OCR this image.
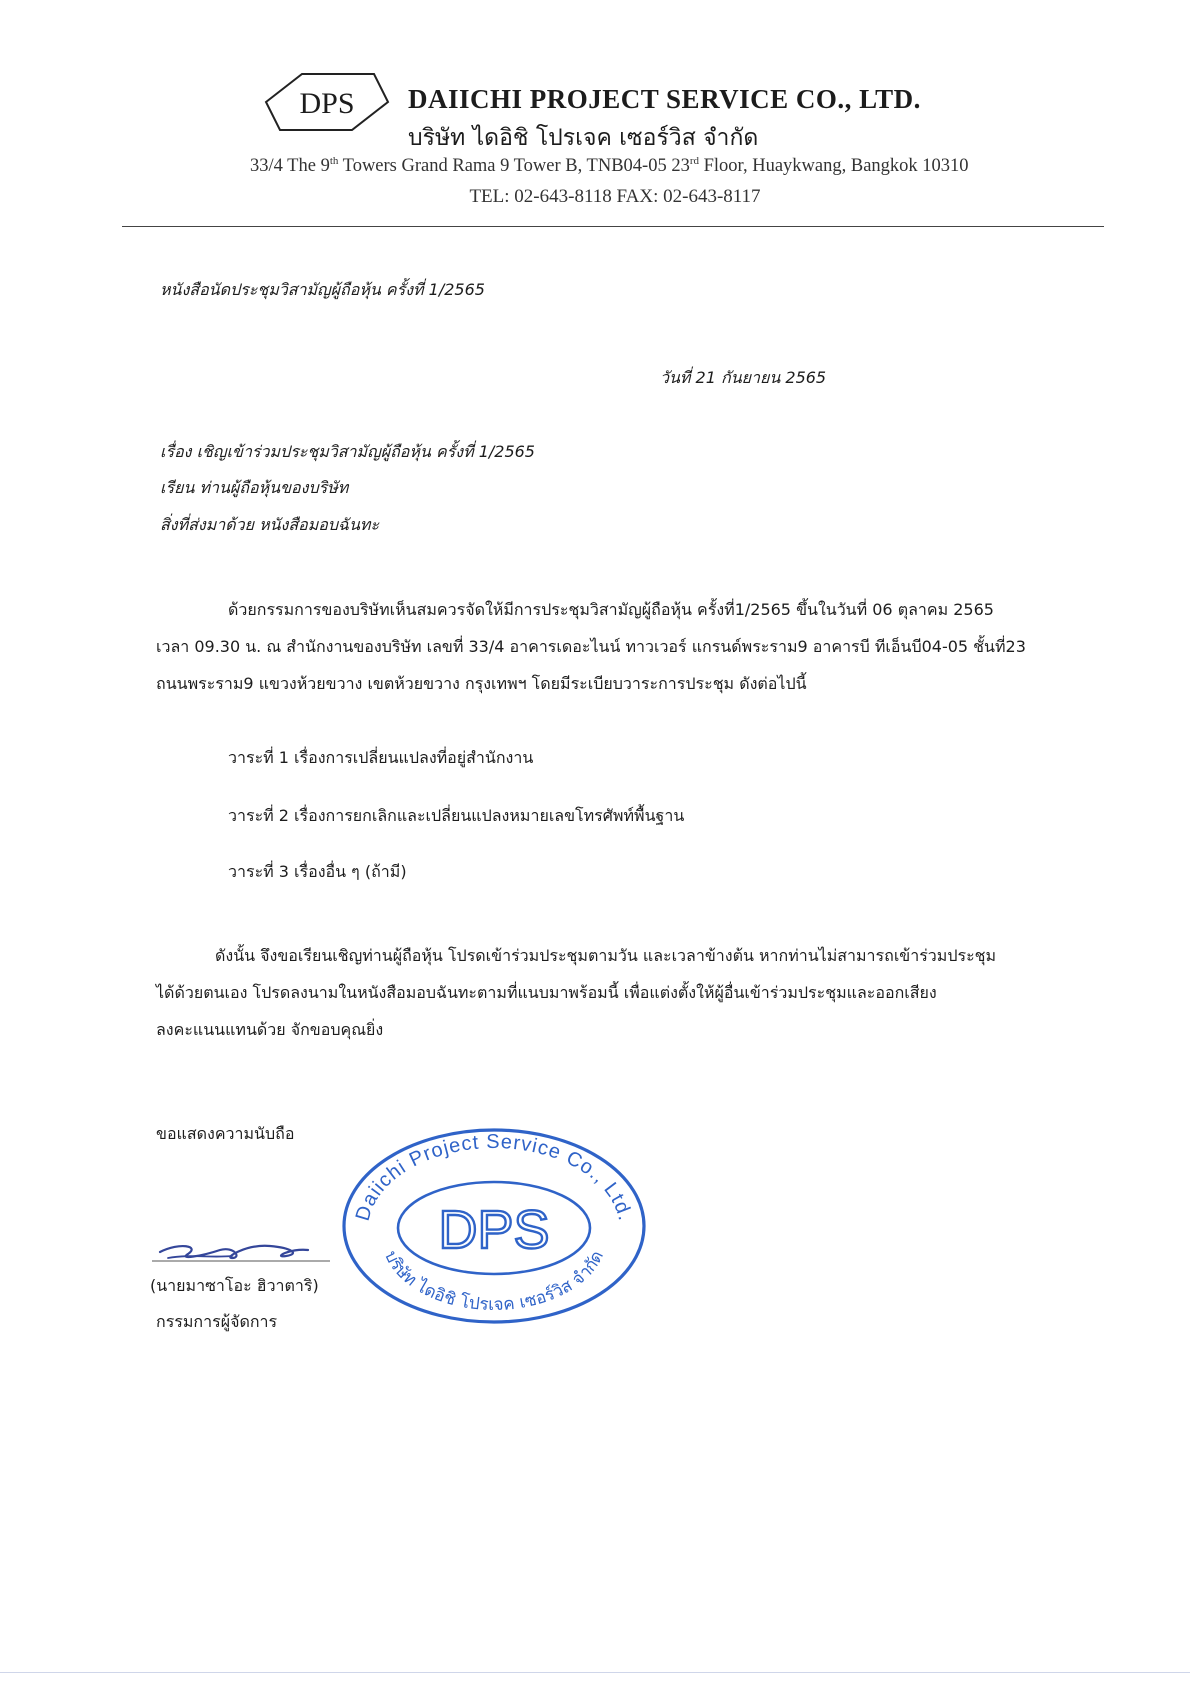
DPS DAIICHI PROJECT SERVICE CO., LTD.
บริษัท ไดอิชิ โปรเจค เซอร์วิส จำกัด
33/4 The 9th Towers Grand Rama 9 Tower B, TNB04-05 23rd Floor, Huaykwang, Bangkok 10310
TEL: 02-643-8118 FAX: 02-643-8117
หนังสือนัดประชุมวิสามัญผู้ถือหุ้น ครั้งที่ 1/2565
วันที่ 21 กันยายน 2565
เรื่อง เชิญเข้าร่วมประชุมวิสามัญผู้ถือหุ้น ครั้งที่ 1/2565
เรียน ท่านผู้ถือหุ้นของบริษัท
สิ่งที่ส่งมาด้วย หนังสือมอบฉันทะ
ด้วยกรรมการของบริษัทเห็นสมควรจัดให้มีการประชุมวิสามัญผู้ถือหุ้น ครั้งที่1/2565 ขึ้นในวันที่ 06 ตุลาคม 2565
เวลา 09.30 น. ณ สำนักงานของบริษัท เลขที่ 33/4 อาคารเดอะไนน์ ทาวเวอร์ แกรนด์พระราม9 อาคารบี ทีเอ็นบี04-05 ชั้นที่23
ถนนพระราม9 แขวงห้วยขวาง เขตห้วยขวาง กรุงเทพฯ โดยมีระเบียบวาระการประชุม ดังต่อไปนี้
วาระที่ 1 เรื่องการเปลี่ยนแปลงที่อยู่สำนักงาน
วาระที่ 2 เรื่องการยกเลิกและเปลี่ยนแปลงหมายเลขโทรศัพท์พื้นฐาน
วาระที่ 3 เรื่องอื่น ๆ (ถ้ามี)
ดังนั้น จึงขอเรียนเชิญท่านผู้ถือหุ้น โปรดเข้าร่วมประชุมตามวัน และเวลาข้างต้น หากท่านไม่สามารถเข้าร่วมประชุม
ได้ด้วยตนเอง โปรดลงนามในหนังสือมอบฉันทะตามที่แนบมาพร้อมนี้ เพื่อแต่งตั้งให้ผู้อื่นเข้าร่วมประชุมและออกเสียง
ลงคะแนนแทนด้วย จักขอบคุณยิ่ง
ขอแสดงความนับถือ
(นายมาซาโอะ ฮิวาตาริ)
กรรมการผู้จัดการ
Daiichi Project Service Co., Ltd.
DPS
บริษัท ไดอิชิ โปรเจค เซอร์วิส จำกัด
